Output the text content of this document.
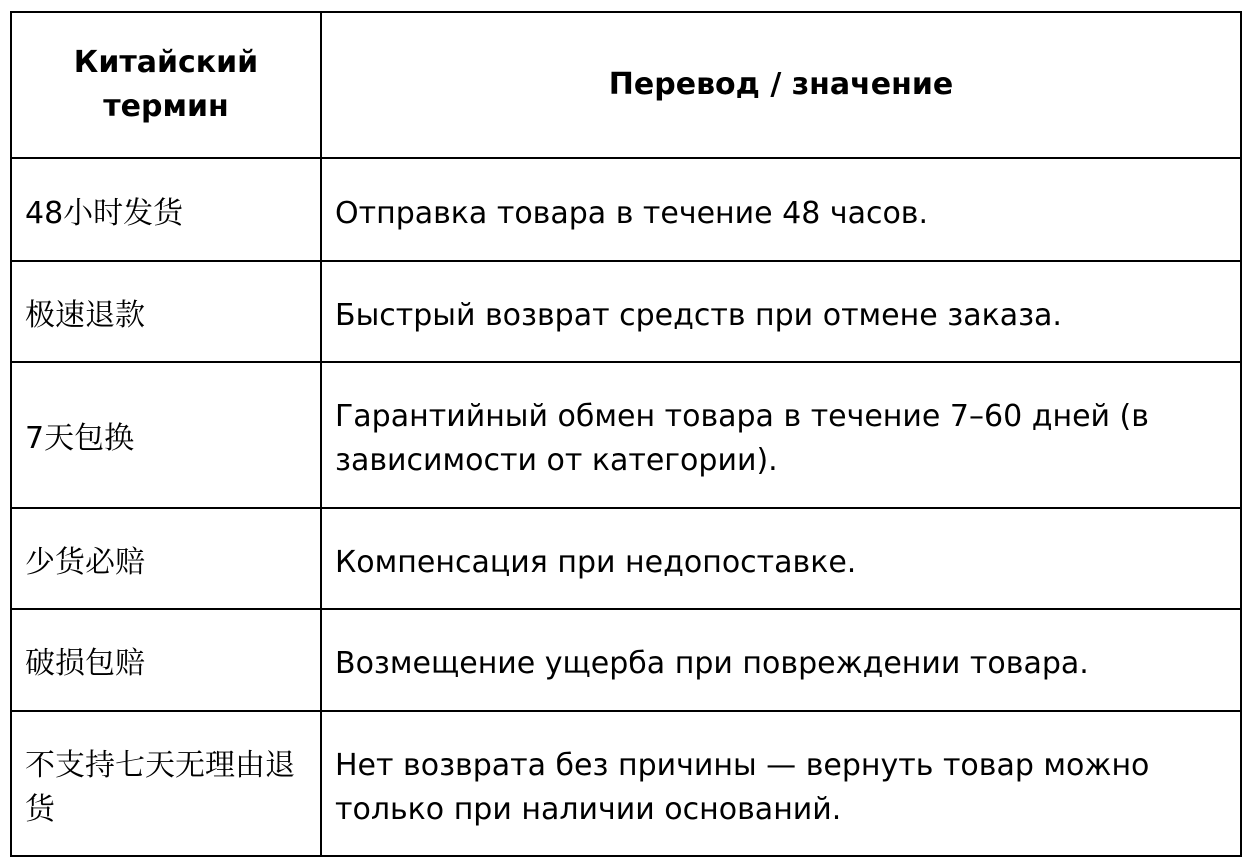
Китайский термин	Перевод / значение
48小时发货	Отправка товара в течение 48 часов.
极速退款	Быстрый возврат средств при отмене заказа.
7天包换	Гарантийный обмен товара в течение 7–60 дней (в зависимости от категории).
少货必赔	Компенсация при недопоставке.
破损包赔	Возмещение ущерба при повреждении товара.
不支持七天无理由退货	Нет возврата без причины — вернуть товар можно только при наличии оснований.
